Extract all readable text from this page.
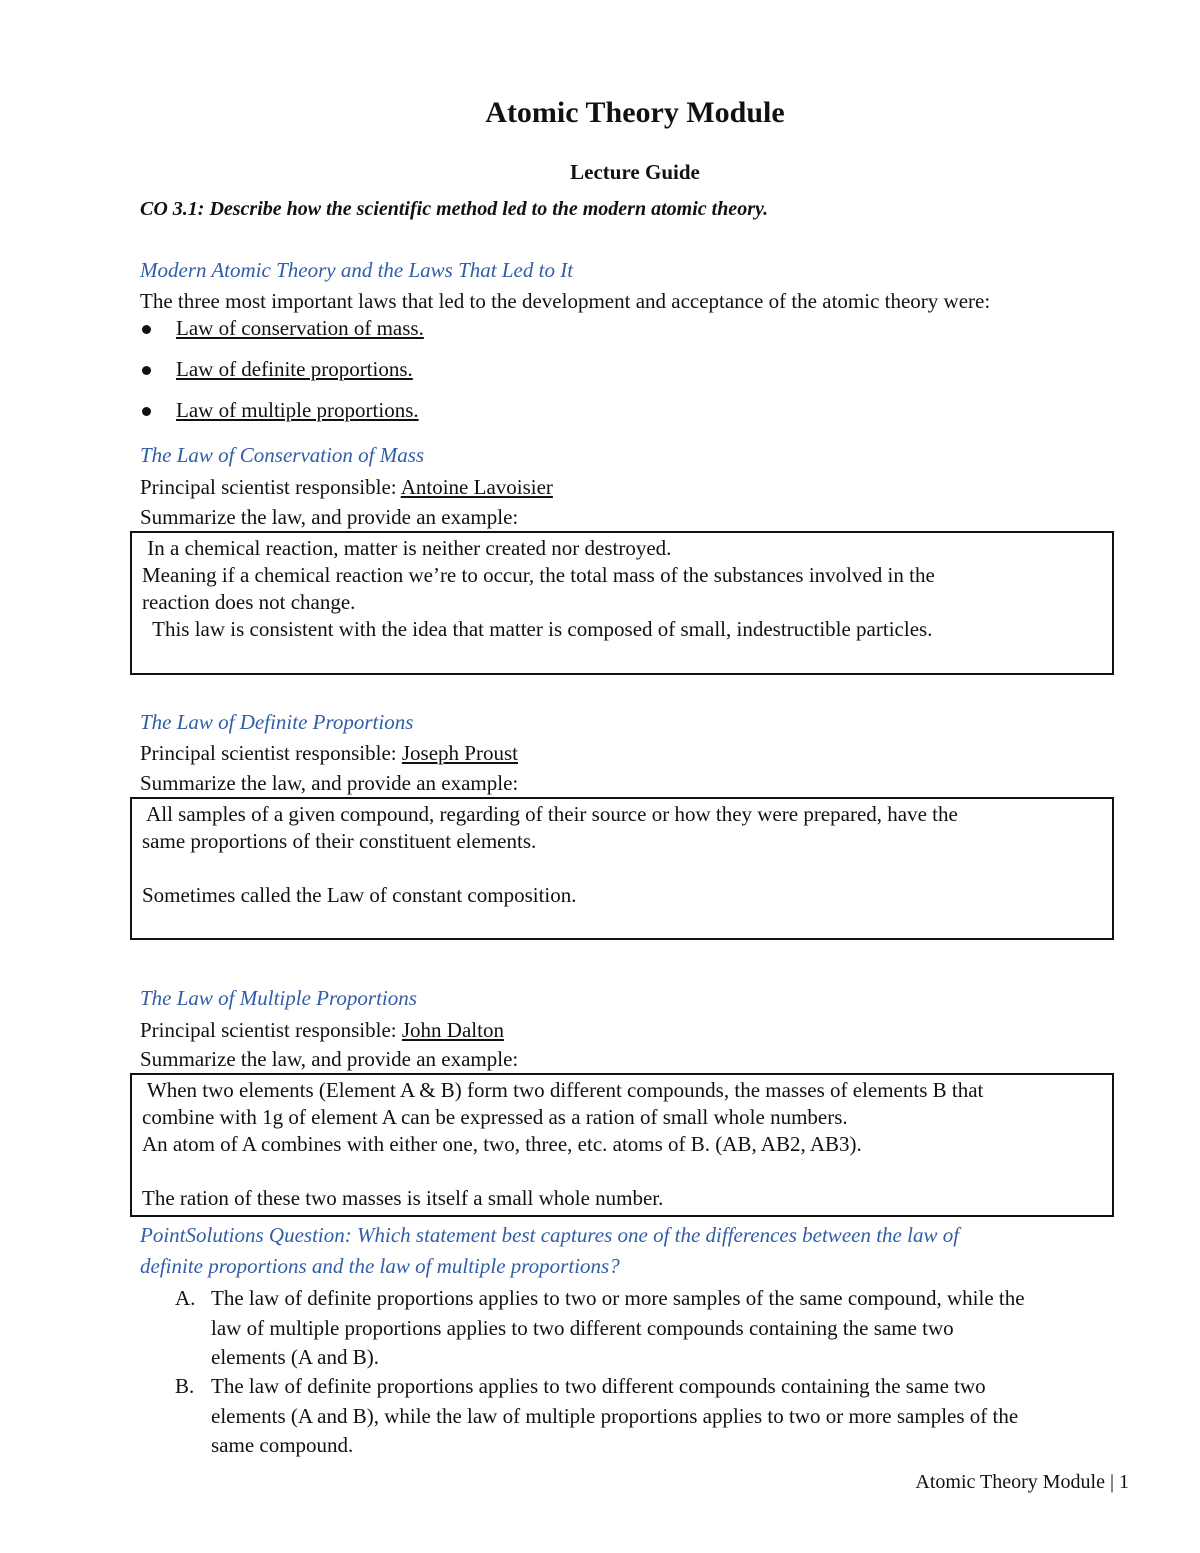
Atomic Theory Module
Lecture Guide
CO 3.1: Describe how the scientific method led to the modern atomic theory.
Modern Atomic Theory and the Laws That Led to It
The three most important laws that led to the development and acceptance of the atomic theory were:
Law of conservation of mass.
Law of definite proportions.
Law of multiple proportions.
The Law of Conservation of Mass
Principal scientist responsible: Antoine Lavoisier
Summarize the law, and provide an example:
In a chemical reaction, matter is neither created nor destroyed.
Meaning if a chemical reaction we’re to occur, the total mass of the substances involved in the
reaction does not change.
This law is consistent with the idea that matter is composed of small, indestructible particles.
The Law of Definite Proportions
Principal scientist responsible: Joseph Proust
Summarize the law, and provide an example:
All samples of a given compound, regarding of their source or how they were prepared, have the
same proportions of their constituent elements.
Sometimes called the Law of constant composition.
The Law of Multiple Proportions
Principal scientist responsible: John Dalton
Summarize the law, and provide an example:
When two elements (Element A & B) form two different compounds, the masses of elements B that
combine with 1g of element A can be expressed as a ration of small whole numbers.
An atom of A combines with either one, two, three, etc. atoms of B. (AB, AB2, AB3).
The ration of these two masses is itself a small whole number.
PointSolutions Question: Which statement best captures one of the differences between the law of
definite proportions and the law of multiple proportions?
A. The law of definite proportions applies to two or more samples of the same compound, while the
law of multiple proportions applies to two different compounds containing the same two
elements (A and B).
B. The law of definite proportions applies to two different compounds containing the same two
elements (A and B), while the law of multiple proportions applies to two or more samples of the
same compound.
Atomic Theory Module | 1
